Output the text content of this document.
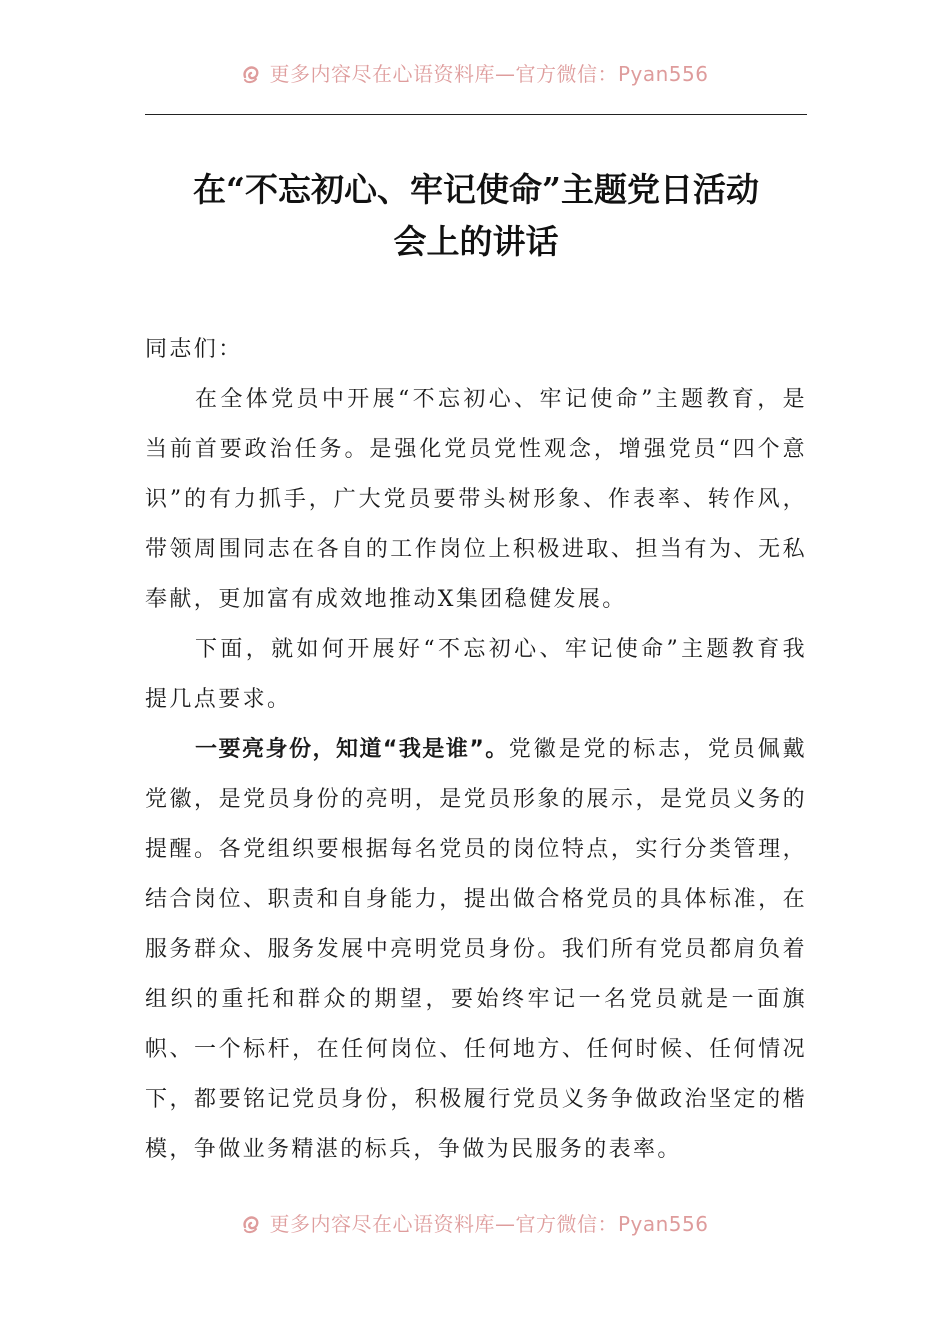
更多内容尽在心语资料库—官方微信：Pyan556
在“不忘初心、牢记使命”主题党日活动
会上的讲话

同志们：

在全体党员中开展“不忘初心、牢记使命”主题教育，是当前首要政治任务。是强化党员党性观念，增强党员“四个意识”的有力抓手，广大党员要带头树形象、作表率、转作风，带领周围同志在各自的工作岗位上积极进取、担当有为、无私奉献，更加富有成效地推动X集团稳健发展。

下面，就如何开展好“不忘初心、牢记使命”主题教育我提几点要求。

一要亮身份，知道“我是谁”。党徽是党的标志，党员佩戴党徽，是党员身份的亮明，是党员形象的展示，是党员义务的提醒。各党组织要根据每名党员的岗位特点，实行分类管理，结合岗位、职责和自身能力，提出做合格党员的具体标准，在服务群众、服务发展中亮明党员身份。我们所有党员都肩负着组织的重托和群众的期望，要始终牢记一名党员就是一面旗帜、一个标杆，在任何岗位、任何地方、任何时候、任何情况下，都要铭记党员身份，积极履行党员义务争做政治坚定的楷模，争做业务精湛的标兵，争做为民服务的表率。

更多内容尽在心语资料库—官方微信：Pyan556
